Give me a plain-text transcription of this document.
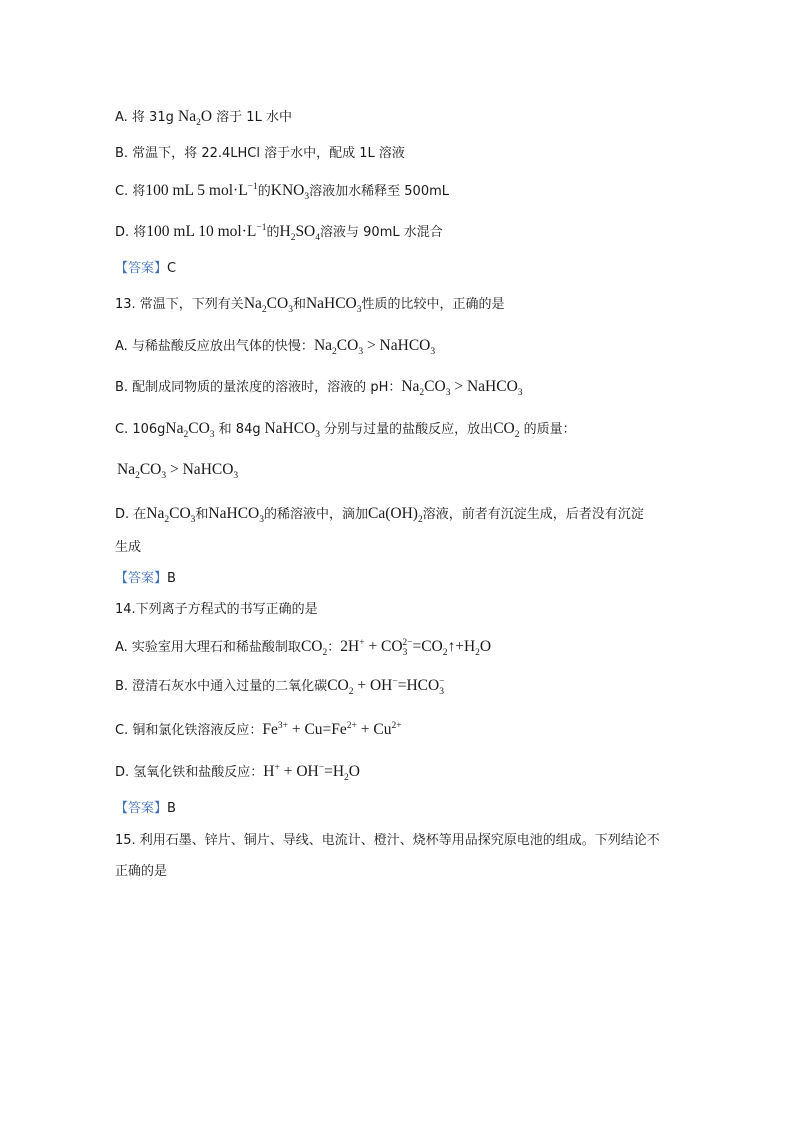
A. 将 31g $Na_2O$ 溶于 1L 水中
B. 常温下，将 22.4LHCl 溶于水中，配成 1L 溶液
C. 将100 mL 5 $mol\cdot L^{-1}$的$KNO_3$溶液加水稀释至 500mL
D. 将100 mL 10 $mol\cdot L^{-1}$的$H_2SO_4$溶液与 90mL 水混合
【答案】C
13. 常温下，下列有关$Na_2CO_3$和NaHCO$_3$性质的比较中，正确的是
A. 与稀盐酸反应放出气体的快慢：$Na_2CO_3$ > NaHCO$_3$
B. 配制成同物质的量浓度的溶液时，溶液的 pH：$Na_2CO_3$ > NaHCO$_3$
C. $106gNa_2CO_3$ 和 84g NaHCO$_3$ 分别与过量的盐酸反应，放出$CO_2$ 的质量：
$Na_2CO_3$ > NaHCO$_3$
D. 在$Na_2CO_3$和NaHCO$_3$的稀溶液中，滴加$Ca(OH)_2$溶液，前者有沉淀生成，后者没有沉淀
生成
【答案】B
14.下列离子方程式的书写正确的是
A. 实验室用大理石和稀盐酸制取$CO_2$：$2H^+ + CO_3^{2-}=CO_2↑+H_2O$
B. 澄清石灰水中通入过量的二氧化碳$CO_2 + OH^-=HCO_3^-$
C. 铜和氯化铁溶液反应：$Fe^{3+} + Cu=Fe^{2+} + Cu^{2+}$
D. 氢氧化铁和盐酸反应：$H^+ + OH^-=H_2O$
【答案】B
15. 利用石墨、锌片、铜片、导线、电流计、橙汁、烧杯等用品探究原电池的组成。下列结论不
正确的是
